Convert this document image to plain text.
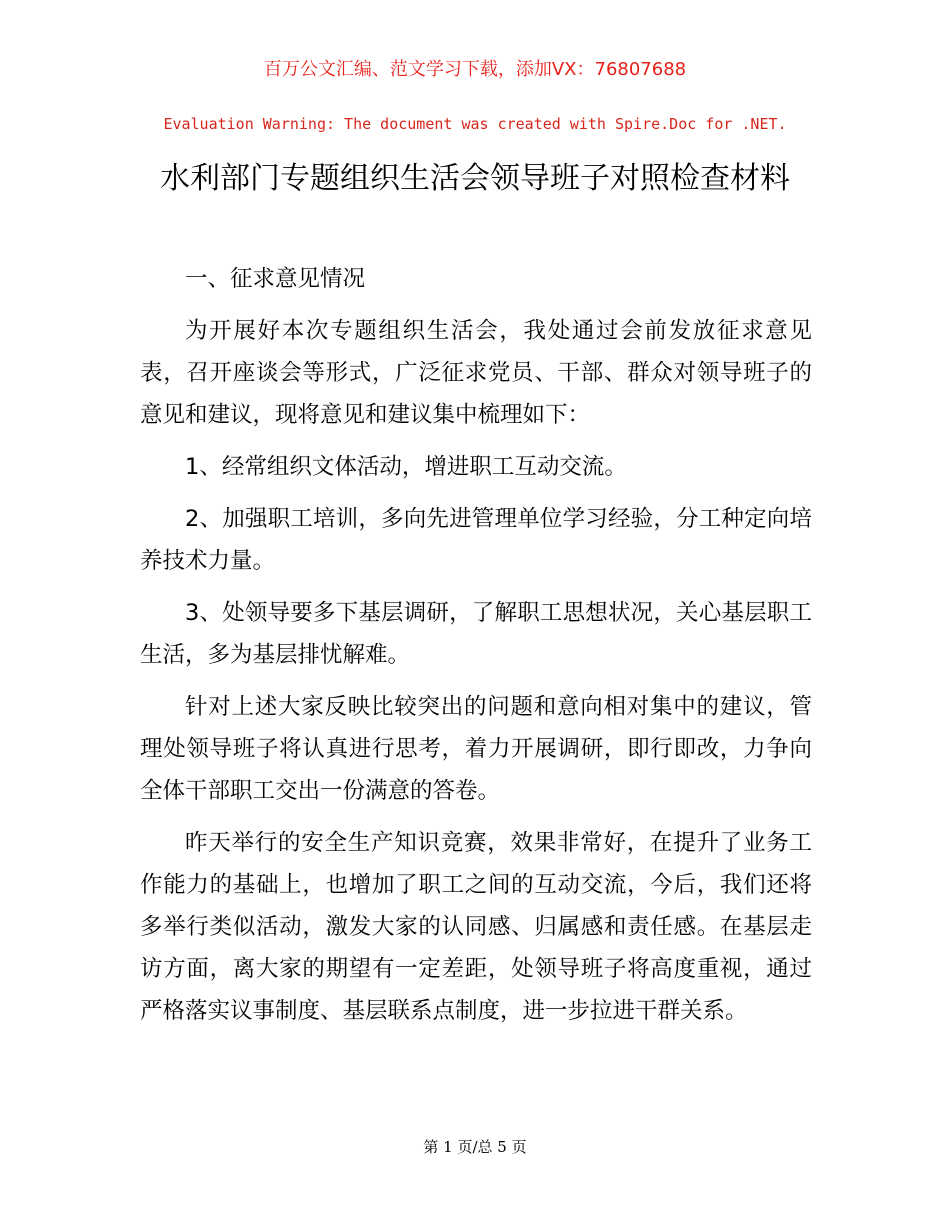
百万公文汇编、范文学习下载，添加VX：76807688
Evaluation Warning: The document was created with Spire.Doc for .NET.
水利部门专题组织生活会领导班子对照检查材料

一、征求意见情况

为开展好本次专题组织生活会，我处通过会前发放征求意见表，召开座谈会等形式，广泛征求党员、干部、群众对领导班子的意见和建议，现将意见和建议集中梳理如下：

1、经常组织文体活动，增进职工互动交流。

2、加强职工培训，多向先进管理单位学习经验，分工种定向培养技术力量。

3、处领导要多下基层调研，了解职工思想状况，关心基层职工生活，多为基层排忧解难。

针对上述大家反映比较突出的问题和意向相对集中的建议，管理处领导班子将认真进行思考，着力开展调研，即行即改，力争向全体干部职工交出一份满意的答卷。

昨天举行的安全生产知识竞赛，效果非常好，在提升了业务工作能力的基础上，也增加了职工之间的互动交流，今后，我们还将多举行类似活动，激发大家的认同感、归属感和责任感。在基层走访方面，离大家的期望有一定差距，处领导班子将高度重视，通过严格落实议事制度、基层联系点制度，进一步拉进干群关系。

第 1 页/总 5 页
